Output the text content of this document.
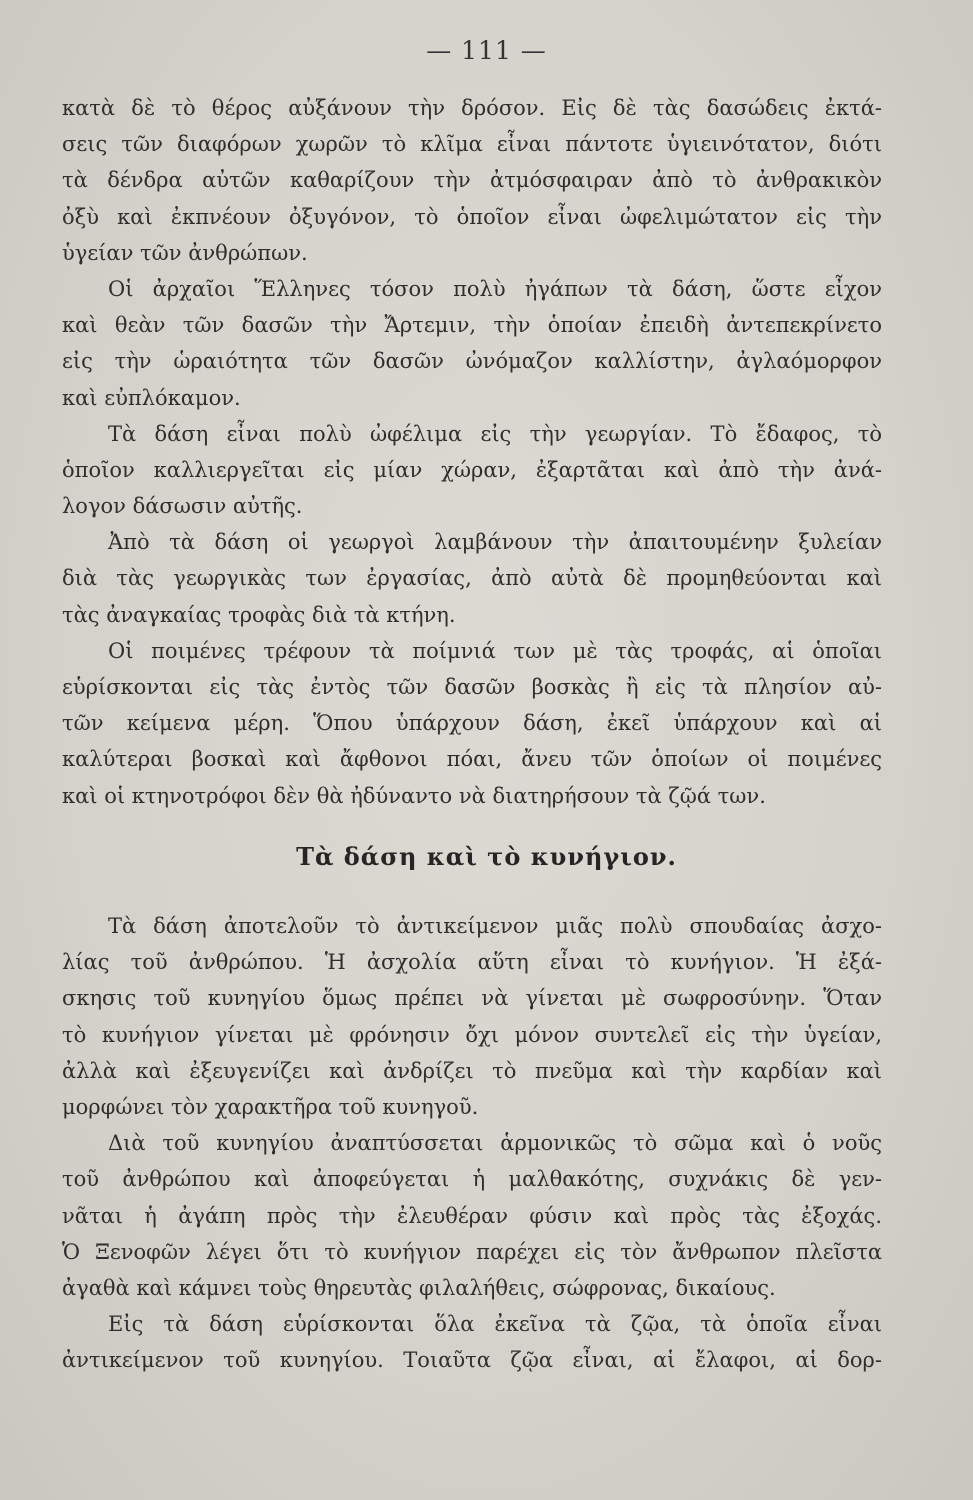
— 111 —
κατὰ δὲ τὸ θέρος αὐξάνουν τὴν δρόσον. Εἰς δὲ τὰς δασώδεις ἐκτά-
σεις τῶν διαφόρων χωρῶν τὸ κλῖμα εἶναι πάντοτε ὑγιεινότατον, διότι
τὰ δένδρα αὐτῶν καθαρίζουν τὴν ἀτμόσφαιραν ἀπὸ τὸ ἀνθρακικὸν
ὀξὺ καὶ ἐκπνέουν ὀξυγόνον, τὸ ὁποῖον εἶναι ὠφελιμώτατον εἰς τὴν
ὑγείαν τῶν ἀνθρώπων.
Οἱ ἀρχαῖοι Ἕλληνες τόσον πολὺ ἠγάπων τὰ δάση, ὥστε εἶχον
καὶ θεὰν τῶν δασῶν τὴν Ἄρτεμιν, τὴν ὁποίαν ἐπειδὴ ἀντεπεκρίνετο
εἰς τὴν ὡραιότητα τῶν δασῶν ὠνόμαζον καλλίστην, ἀγλαόμορφον
καὶ εὐπλόκαμον.
Τὰ δάση εἶναι πολὺ ὠφέλιμα εἰς τὴν γεωργίαν. Τὸ ἔδαφος, τὸ
ὁποῖον καλλιεργεῖται εἰς μίαν χώραν, ἐξαρτᾶται καὶ ἀπὸ τὴν ἀνά-
λογον δάσωσιν αὐτῆς.
Ἀπὸ τὰ δάση οἱ γεωργοὶ λαμβάνουν τὴν ἀπαιτουμένην ξυλείαν
διὰ τὰς γεωργικὰς των ἐργασίας, ἀπὸ αὐτὰ δὲ προμηθεύονται καὶ
τὰς ἀναγκαίας τροφὰς διὰ τὰ κτήνη.
Οἱ ποιμένες τρέφουν τὰ ποίμνιά των μὲ τὰς τροφάς, αἱ ὁποῖαι
εὑρίσκονται εἰς τὰς ἐντὸς τῶν δασῶν βοσκὰς ἢ εἰς τὰ πλησίον αὐ-
τῶν κείμενα μέρη. Ὅπου ὑπάρχουν δάση, ἐκεῖ ὑπάρχουν καὶ αἱ
καλύτεραι βοσκαὶ καὶ ἄφθονοι πόαι, ἄνευ τῶν ὁποίων οἱ ποιμένες
καὶ οἱ κτηνοτρόφοι δὲν θὰ ἠδύναντο νὰ διατηρήσουν τὰ ζῷά των.
Τὰ δάση καὶ τὸ κυνήγιον.
Τὰ δάση ἀποτελοῦν τὸ ἀντικείμενον μιᾶς πολὺ σπουδαίας ἀσχο-
λίας τοῦ ἀνθρώπου. Ἡ ἀσχολία αὕτη εἶναι τὸ κυνήγιον. Ἡ ἐξά-
σκησις τοῦ κυνηγίου ὅμως πρέπει νὰ γίνεται μὲ σωφροσύνην. Ὅταν
τὸ κυνήγιον γίνεται μὲ φρόνησιν ὄχι μόνον συντελεῖ εἰς τὴν ὑγείαν,
ἀλλὰ καὶ ἐξευγενίζει καὶ ἀνδρίζει τὸ πνεῦμα καὶ τὴν καρδίαν καὶ
μορφώνει τὸν χαρακτῆρα τοῦ κυνηγοῦ.
Διὰ τοῦ κυνηγίου ἀναπτύσσεται ἁρμονικῶς τὸ σῶμα καὶ ὁ νοῦς
τοῦ ἀνθρώπου καὶ ἀποφεύγεται ἡ μαλθακότης, συχνάκις δὲ γεν-
νᾶται ἡ ἀγάπη πρὸς τὴν ἐλευθέραν φύσιν καὶ πρὸς τὰς ἐξοχάς.
Ὁ Ξενοφῶν λέγει ὅτι τὸ κυνήγιον παρέχει εἰς τὸν ἄνθρωπον πλεῖστα
ἀγαθὰ καὶ κάμνει τοὺς θηρευτὰς φιλαλήθεις, σώφρονας, δικαίους.
Εἰς τὰ δάση εὑρίσκονται ὅλα ἐκεῖνα τὰ ζῷα, τὰ ὁποῖα εἶναι
ἀντικείμενον τοῦ κυνηγίου. Τοιαῦτα ζῷα εἶναι, αἱ ἔλαφοι, αἱ δορ-
